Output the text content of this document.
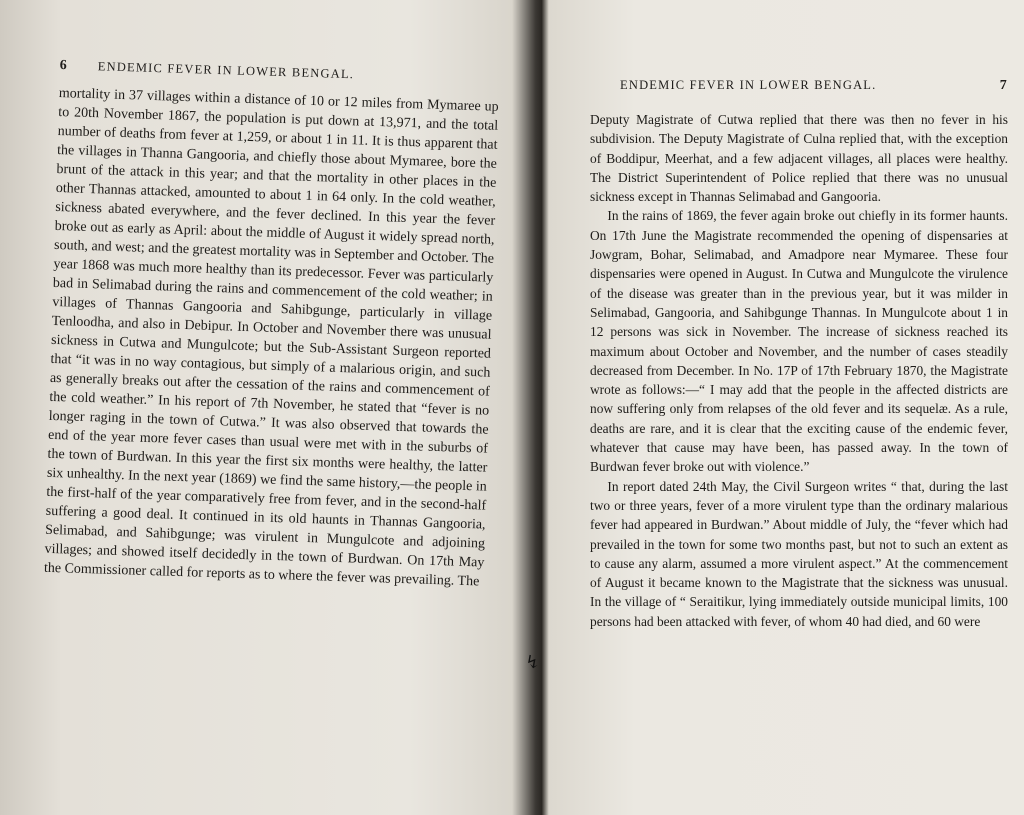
6	ENDEMIC FEVER IN LOWER BENGAL.

mortality in 37 villages within a distance of 10 or 12 miles from Mymaree up to 20th November 1867, the population is put down at 13,971, and the total number of deaths from fever at 1,259, or about 1 in 11. It is thus apparent that the villages in Thanna Gangooria, and chiefly those about Mymaree, bore the brunt of the attack in this year; and that the mortality in other places in the other Thannas attacked, amounted to about 1 in 64 only. In the cold weather, sickness abated everywhere, and the fever declined. In this year the fever broke out as early as April: about the middle of August it widely spread north, south, and west; and the greatest mortality was in September and October. The year 1868 was much more healthy than its predecessor. Fever was particularly bad in Selimabad during the rains and commencement of the cold weather; in villages of Thannas Gangooria and Sahibgunge, particularly in village Tenloodha, and also in Debipur. In October and November there was unusual sickness in Cutwa and Mungulcote; but the Sub-Assistant Surgeon reported that “it was in no way contagious, but simply of a malarious origin, and such as generally breaks out after the cessation of the rains and commencement of the cold weather.” In his report of 7th November, he stated that “fever is no longer raging in the town of Cutwa.” It was also observed that towards the end of the year more fever cases than usual were met with in the suburbs of the town of Burdwan. In this year the first six months were healthy, the latter six unhealthy. In the next year (1869) we find the same history,—the people in the first-half of the year comparatively free from fever, and in the second-half suffering a good deal. It continued in its old haunts in Thannas Gangooria, Selimabad, and Sahibgunge; was virulent in Mungulcote and adjoining villages; and showed itself decidedly in the town of Burdwan. On 17th May the Commissioner called for reports as to where the fever was prevailing. The

↯
ENDEMIC FEVER IN LOWER BENGAL.	7

Deputy Magistrate of Cutwa replied that there was then no fever in his subdivision. The Deputy Magistrate of Culna replied that, with the exception of Boddipur, Meerhat, and a few adjacent villages, all places were healthy. The District Superintendent of Police replied that there was no unusual sickness except in Thannas Selimabad and Gangooria.

In the rains of 1869, the fever again broke out chiefly in its former haunts. On 17th June the Magistrate recommended the opening of dispensaries at Jowgram, Bohar, Selimabad, and Amadpore near Mymaree. These four dispensaries were opened in August. In Cutwa and Mungulcote the virulence of the disease was greater than in the previous year, but it was milder in Selimabad, Gangooria, and Sahibgunge Thannas. In Mungulcote about 1 in 12 persons was sick in November. The increase of sickness reached its maximum about October and November, and the number of cases steadily decreased from December. In No. 17P of 17th February 1870, the Magistrate wrote as follows:—“ I may add that the people in the affected districts are now suffering only from relapses of the old fever and its sequelæ. As a rule, deaths are rare, and it is clear that the exciting cause of the endemic fever, whatever that cause may have been, has passed away. In the town of Burdwan fever broke out with violence.”

In report dated 24th May, the Civil Surgeon writes “ that, during the last two or three years, fever of a more virulent type than the ordinary malarious fever had appeared in Burdwan.” About middle of July, the “fever which had prevailed in the town for some two months past, but not to such an extent as to cause any alarm, assumed a more virulent aspect.” At the commencement of August it became known to the Magistrate that the sickness was unusual. In the village of “ Seraitikur, lying immediately outside municipal limits, 100 persons had been attacked with fever, of whom 40 had died, and 60 were
